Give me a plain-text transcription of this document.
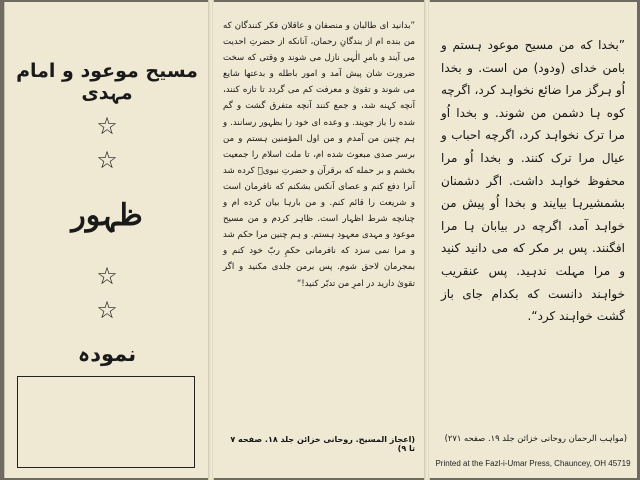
مسیح موعود و امام مہدی
☆
☆
ظہور
☆
☆
نمودہ

”بدانید ای طالبان و منصفان و عاقلان فکر کنندگان که من بنده ام از بندگانِ رحمان، آنانکه از حضرتِ احدیت می آیند و بامرِ الٰہی نازل می شوند و وقتی که سخت ضرورت شان پیش آمد و امور باطله و بدعتها شایع می شوند و تقویٰ و معرفت کم می گردد تا تازه کنند، آنچه کہنه شد، و جمع کنند آنچه متفرق گشت و گم شده را باز جویند. و وعده ای خود را بظہور رسانند. و ہم چنین من آمدم و من اول المؤمنین ہستم و من برسر صدی مبعوث شده ام، تا ملت اسلام را جمعیت بخشم و بر حمله که برقرآن و حضرتِ نبویؐ کرده شد آنرا دفع کنم و عصای آنکس بشکنم که نافرمان است و شریعت را قائم کنم. و من بارہا بیان کرده ام و چنانچه شرط اظہار است. ظاہر کردم و من مسیح موعود و مہدی معہود ہستم. و ہم چنین مرا حکم شد و مرا نمی سزد که نافرمانی حکمِ ربّ خود کنم و بمجرمان لاحق شوم. پس برمن جلدی مکنید و اگر تقویٰ دارید در امرِ من تدبّر کنید!“

(اعجاز المسیح. روحانی خزائن جلد ۱۸. صفحه ۷ تا ۹)
”بخدا که من مسیح موعود ہستم و بامن خدای (ودود) من است. و بخدا اُو ہرگز مرا ضائع نخواہد کرد، اگرچه کوه ہا دشمن من شوند. و بخدا اُو مرا ترک نخواہد کرد، اگرچه احباب و عیال مرا ترک کنند. و بخدا اُو مرا محفوظ خواہد داشت. اگر دشمنان بشمشیرہا بیایند و بخدا اُو پیش من خواہد آمد، اگرچه در بیابان ہا مرا افگنند. پس بر مکر که می دانید کنید و مرا مہلت ندہید. پس عنقریب خواہند دانست که بکدام جای باز گشت خواہند کرد“.
(مواہب الرحمان روحانی خزائن جلد ۱۹. صفحه ۲۷۱)
Printed at the Fazl-i-Umar Press, Chauncey, OH 45719
